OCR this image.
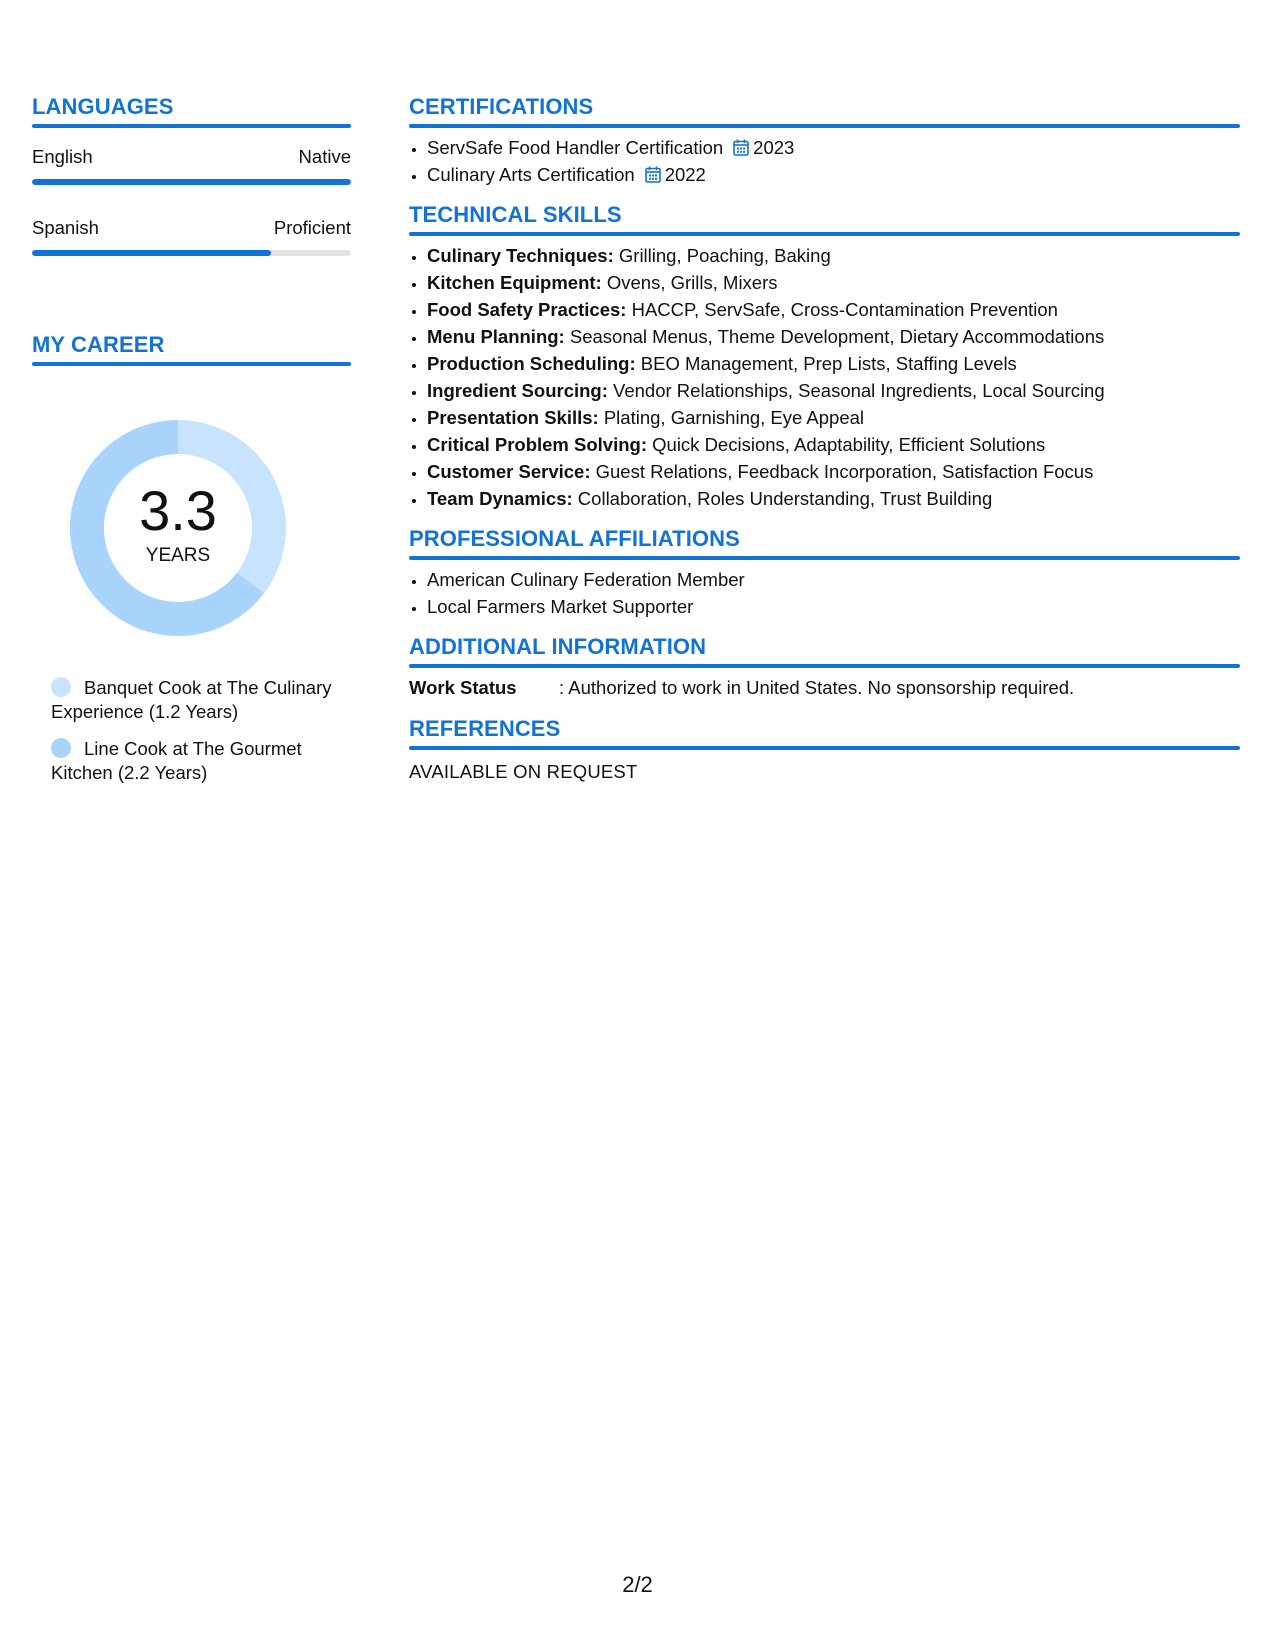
LANGUAGES
English	Native
Spanish	Proficient
MY CAREER
3.3
YEARS
Banquet Cook at The Culinary Experience (1.2 Years)
Line Cook at The Gourmet Kitchen (2.2 Years)
CERTIFICATIONS
• ServSafe Food Handler Certification 2023
• Culinary Arts Certification 2022
TECHNICAL SKILLS
• Culinary Techniques: Grilling, Poaching, Baking
• Kitchen Equipment: Ovens, Grills, Mixers
• Food Safety Practices: HACCP, ServSafe, Cross-Contamination Prevention
• Menu Planning: Seasonal Menus, Theme Development, Dietary Accommodations
• Production Scheduling: BEO Management, Prep Lists, Staffing Levels
• Ingredient Sourcing: Vendor Relationships, Seasonal Ingredients, Local Sourcing
• Presentation Skills: Plating, Garnishing, Eye Appeal
• Critical Problem Solving: Quick Decisions, Adaptability, Efficient Solutions
• Customer Service: Guest Relations, Feedback Incorporation, Satisfaction Focus
• Team Dynamics: Collaboration, Roles Understanding, Trust Building
PROFESSIONAL AFFILIATIONS
• American Culinary Federation Member
• Local Farmers Market Supporter
ADDITIONAL INFORMATION
Work Status	: Authorized to work in United States. No sponsorship required.
REFERENCES
AVAILABLE ON REQUEST
2/2
